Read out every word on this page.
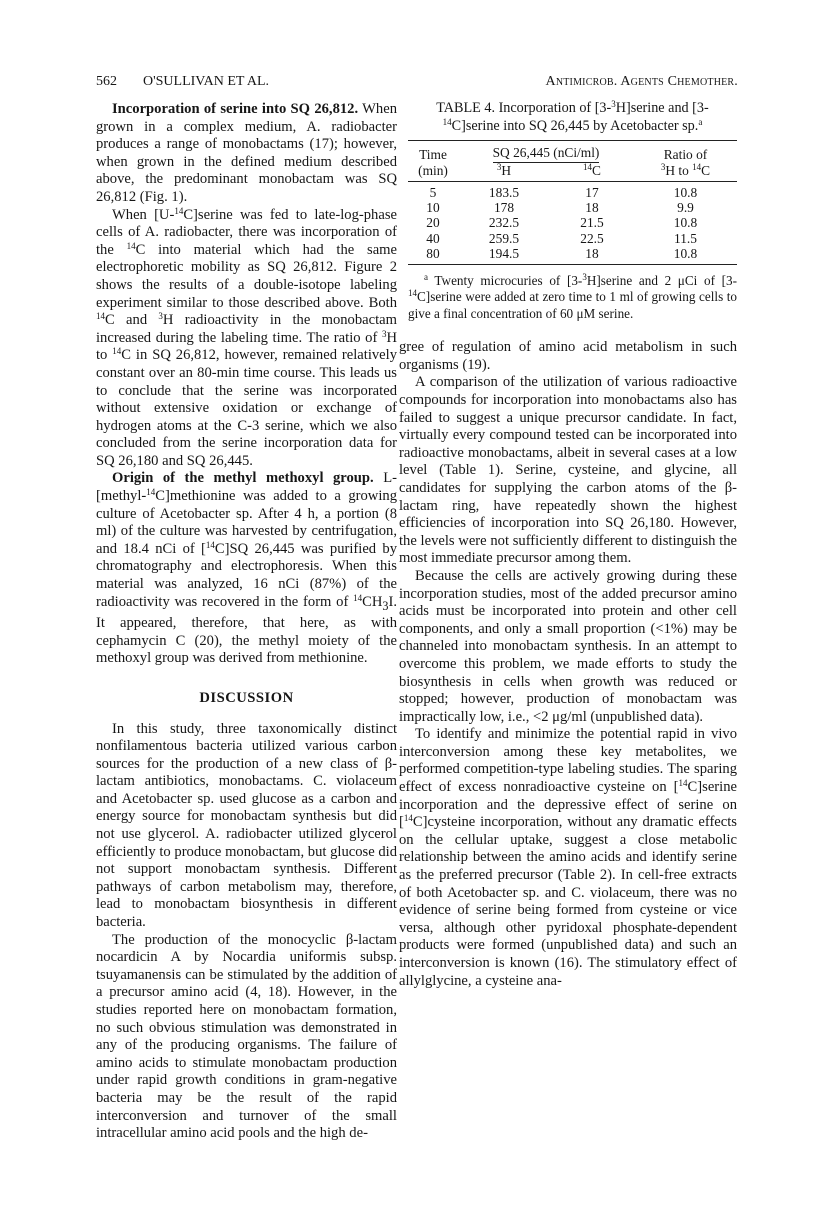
562 O'SULLIVAN ET AL.	Antimicrob. Agents Chemother.

Incorporation of serine into SQ 26,812. When grown in a complex medium, A. radiobacter produces a range of monobactams (17); however, when grown in the defined medium described above, the predominant monobactam was SQ 26,812 (Fig. 1).

When [U-$^{14}$C]serine was fed to late-log-phase cells of A. radiobacter, there was incorporation of the $^{14}$C into material which had the same electrophoretic mobility as SQ 26,812. Figure 2 shows the results of a double-isotope labeling experiment similar to those described above. Both $^{14}$C and $^3$H radioactivity in the monobactam increased during the labeling time. The ratio of $^3$H to $^{14}$C in SQ 26,812, however, remained relatively constant over an 80-min time course. This leads us to conclude that the serine was incorporated without extensive oxidation or exchange of hydrogen atoms at the C-3 serine, which we also concluded from the serine incorporation data for SQ 26,180 and SQ 26,445.

Origin of the methyl methoxyl group. L-[methyl-$^{14}$C]methionine was added to a growing culture of Acetobacter sp. After 4 h, a portion (8 ml) of the culture was harvested by centrifugation, and 18.4 nCi of [$^{14}$C]SQ 26,445 was purified by chromatography and electrophoresis. When this material was analyzed, 16 nCi (87%) of the radioactivity was recovered in the form of $^{14}CH_3I$. It appeared, therefore, that here, as with cephamycin C (20), the methyl moiety of the methoxyl group was derived from methionine.

DISCUSSION

In this study, three taxonomically distinct nonfilamentous bacteria utilized various carbon sources for the production of a new class of β-lactam antibiotics, monobactams. C. violaceum and Acetobacter sp. used glucose as a carbon and energy source for monobactam synthesis but did not use glycerol. A. radiobacter utilized glycerol efficiently to produce monobactam, but glucose did not support monobactam synthesis. Different pathways of carbon metabolism may, therefore, lead to monobactam biosynthesis in different bacteria.

The production of the monocyclic β-lactam nocardicin A by Nocardia uniformis subsp. tsuyamanensis can be stimulated by the addition of a precursor amino acid (4, 18). However, in the studies reported here on monobactam formation, no such obvious stimulation was demonstrated in any of the producing organisms. The failure of amino acids to stimulate monobactam production under rapid growth conditions in gram-negative bacteria may be the result of the rapid interconversion and turnover of the small intracellular amino acid pools and the high de-

TABLE 4. Incorporation of [3-$^3$H]serine and [3-$^{14}$C]serine into SQ 26,445 by Acetobacter sp.$^a$
Time	SQ 26,445 (nCi/ml)		Ratio of
(min)	$^3$H	$^{14}$C	$^3$H to $^{14}$C
5	183.5	17	10.8
10	178	18	9.9
20	232.5	21.5	10.8
40	259.5	22.5	11.5
80	194.5	18	10.8
$^a$ Twenty microcuries of [3-$^3$H]serine and 2 μCi of [3-$^{14}$C]serine were added at zero time to 1 ml of growing cells to give a final concentration of 60 μM serine.

gree of regulation of amino acid metabolism in such organisms (19).

A comparison of the utilization of various radioactive compounds for incorporation into monobactams also has failed to suggest a unique precursor candidate. In fact, virtually every compound tested can be incorporated into radioactive monobactams, albeit in several cases at a low level (Table 1). Serine, cysteine, and glycine, all candidates for supplying the carbon atoms of the β-lactam ring, have repeatedly shown the highest efficiencies of incorporation into SQ 26,180. However, the levels were not sufficiently different to distinguish the most immediate precursor among them.

Because the cells are actively growing during these incorporation studies, most of the added precursor amino acids must be incorporated into protein and other cell components, and only a small proportion (<1%) may be channeled into monobactam synthesis. In an attempt to overcome this problem, we made efforts to study the biosynthesis in cells when growth was reduced or stopped; however, production of monobactam was impractically low, i.e., <2 μg/ml (unpublished data).

To identify and minimize the potential rapid in vivo interconversion among these key metabolites, we performed competition-type labeling studies. The sparing effect of excess nonradioactive cysteine on [$^{14}$C]serine incorporation and the depressive effect of serine on [$^{14}$C]cysteine incorporation, without any dramatic effects on the cellular uptake, suggest a close metabolic relationship between the amino acids and identify serine as the preferred precursor (Table 2). In cell-free extracts of both Acetobacter sp. and C. violaceum, there was no evidence of serine being formed from cysteine or vice versa, although other pyridoxal phosphate-dependent products were formed (unpublished data) and such an interconversion is known (16). The stimulatory effect of allylglycine, a cysteine ana-
